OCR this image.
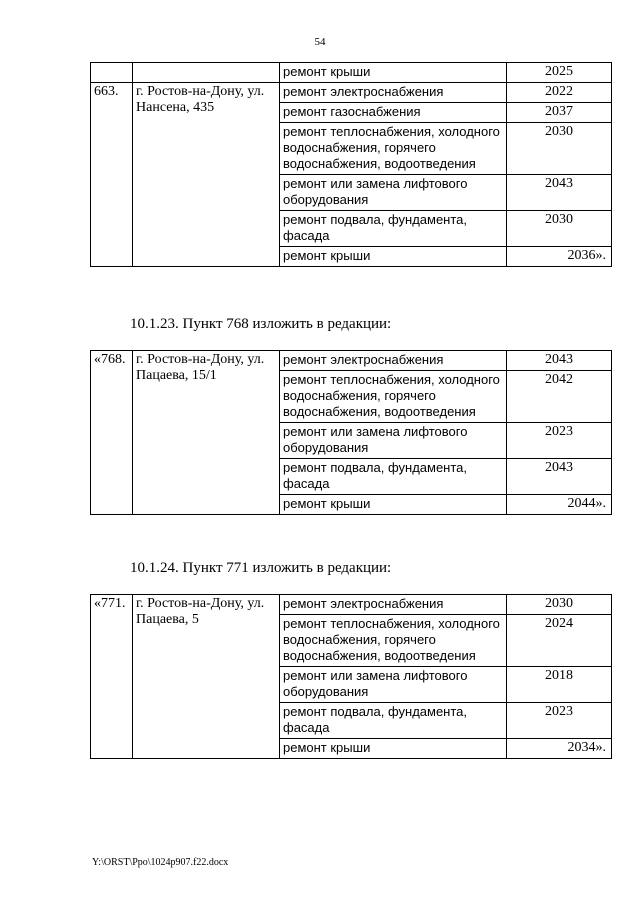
54
		ремонт крыши	2025
663.	г. Ростов-на-Дону, ул. Нансена, 435	ремонт электроснабжения	2022
		ремонт газоснабжения	2037
		ремонт теплоснабжения, холодного водоснабжения, горячего водоснабжения, водоотведения	2030
		ремонт или замена лифтового оборудования	2043
		ремонт подвала, фундамента, фасада	2030
		ремонт крыши	2036».
10.1.23. Пункт 768 изложить в редакции:
«768.	г. Ростов-на-Дону, ул. Пацаева, 15/1	ремонт электроснабжения	2043
		ремонт теплоснабжения, холодного водоснабжения, горячего водоснабжения, водоотведения	2042
		ремонт или замена лифтового оборудования	2023
		ремонт подвала, фундамента, фасада	2043
		ремонт крыши	2044».
10.1.24. Пункт 771 изложить в редакции:
«771.	г. Ростов-на-Дону, ул. Пацаева, 5	ремонт электроснабжения	2030
		ремонт теплоснабжения, холодного водоснабжения, горячего водоснабжения, водоотведения	2024
		ремонт или замена лифтового оборудования	2018
		ремонт подвала, фундамента, фасада	2023
		ремонт крыши	2034».
Y:\ORST\Ppo\1024p907.f22.docx
